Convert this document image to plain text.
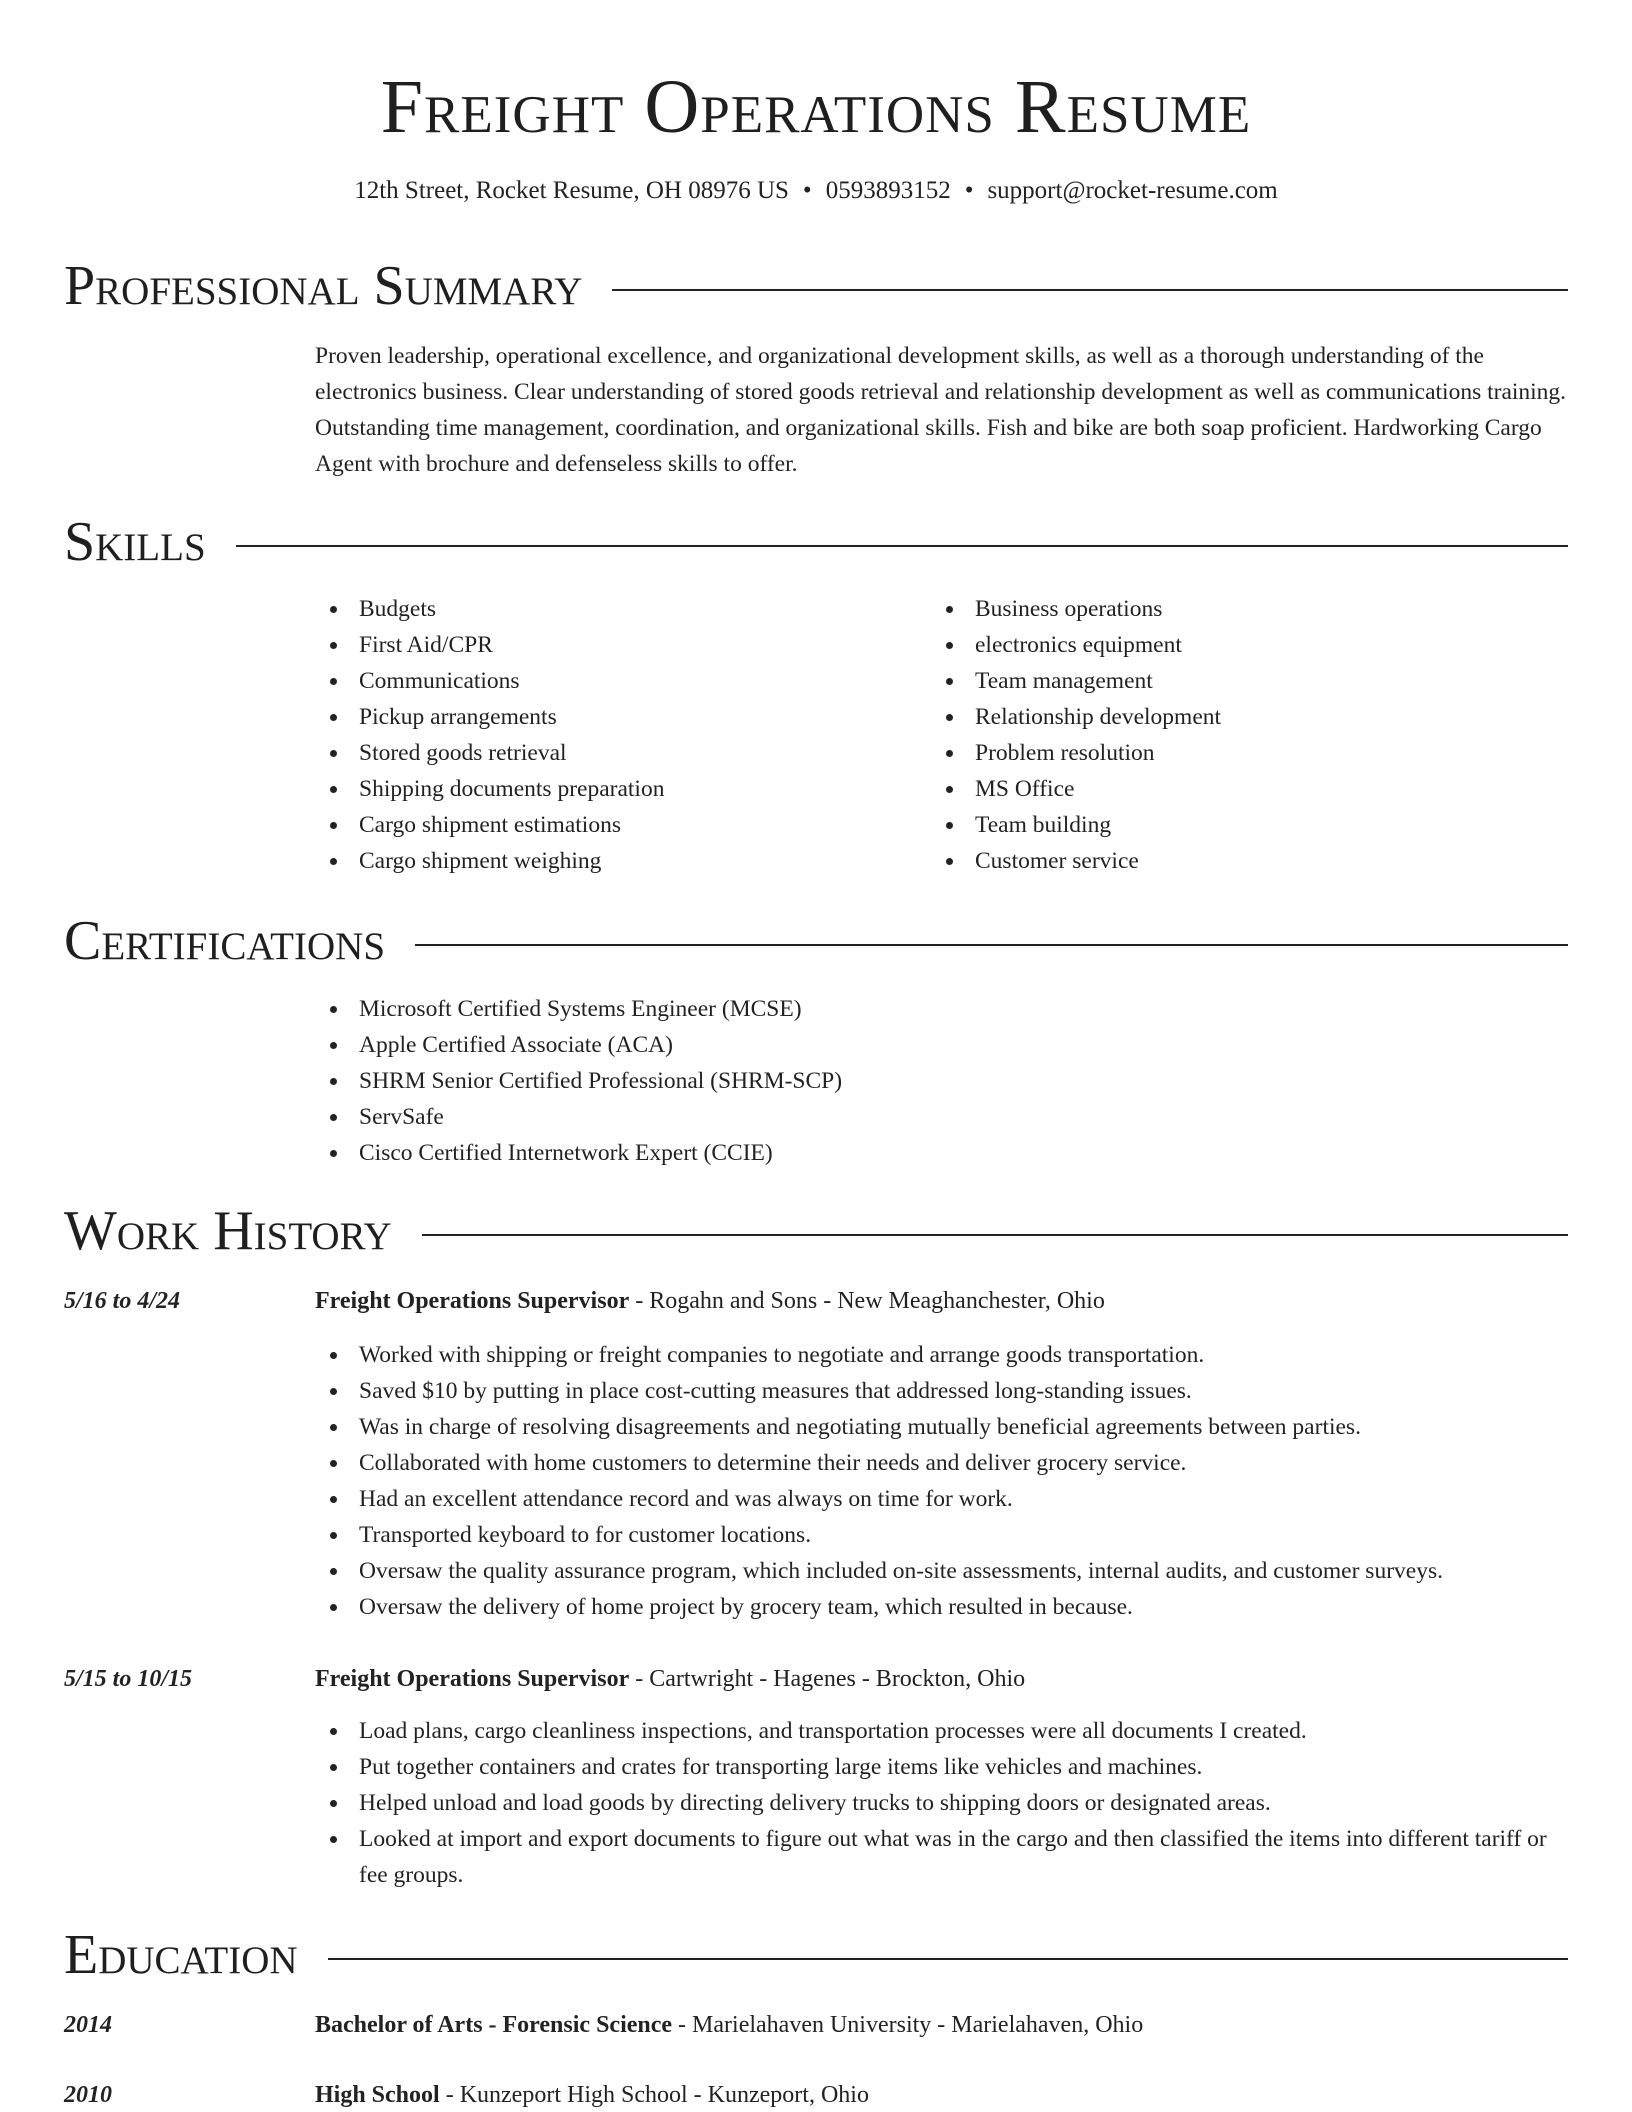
Freight Operations Resume
12th Street, Rocket Resume, OH 08976 US • 0593893152 • support@rocket-resume.com
Professional Summary
Proven leadership, operational excellence, and organizational development skills, as well as a thorough understanding of the electronics business. Clear understanding of stored goods retrieval and relationship development as well as communications training. Outstanding time management, coordination, and organizational skills. Fish and bike are both soap proficient. Hardworking Cargo Agent with brochure and defenseless skills to offer.
Skills
Budgets
First Aid/CPR
Communications
Pickup arrangements
Stored goods retrieval
Shipping documents preparation
Cargo shipment estimations
Cargo shipment weighing
Business operations
electronics equipment
Team management
Relationship development
Problem resolution
MS Office
Team building
Customer service
Certifications
Microsoft Certified Systems Engineer (MCSE)
Apple Certified Associate (ACA)
SHRM Senior Certified Professional (SHRM-SCP)
ServSafe
Cisco Certified Internetwork Expert (CCIE)
Work History
5/16 to 4/24	Freight Operations Supervisor - Rogahn and Sons - New Meaghanchester, Ohio
Worked with shipping or freight companies to negotiate and arrange goods transportation.
Saved $10 by putting in place cost-cutting measures that addressed long-standing issues.
Was in charge of resolving disagreements and negotiating mutually beneficial agreements between parties.
Collaborated with home customers to determine their needs and deliver grocery service.
Had an excellent attendance record and was always on time for work.
Transported keyboard to for customer locations.
Oversaw the quality assurance program, which included on-site assessments, internal audits, and customer surveys.
Oversaw the delivery of home project by grocery team, which resulted in because.
5/15 to 10/15	Freight Operations Supervisor - Cartwright - Hagenes - Brockton, Ohio
Load plans, cargo cleanliness inspections, and transportation processes were all documents I created.
Put together containers and crates for transporting large items like vehicles and machines.
Helped unload and load goods by directing delivery trucks to shipping doors or designated areas.
Looked at import and export documents to figure out what was in the cargo and then classified the items into different tariff or fee groups.
Education
2014	Bachelor of Arts - Forensic Science - Marielahaven University - Marielahaven, Ohio
2010	High School - Kunzeport High School - Kunzeport, Ohio
